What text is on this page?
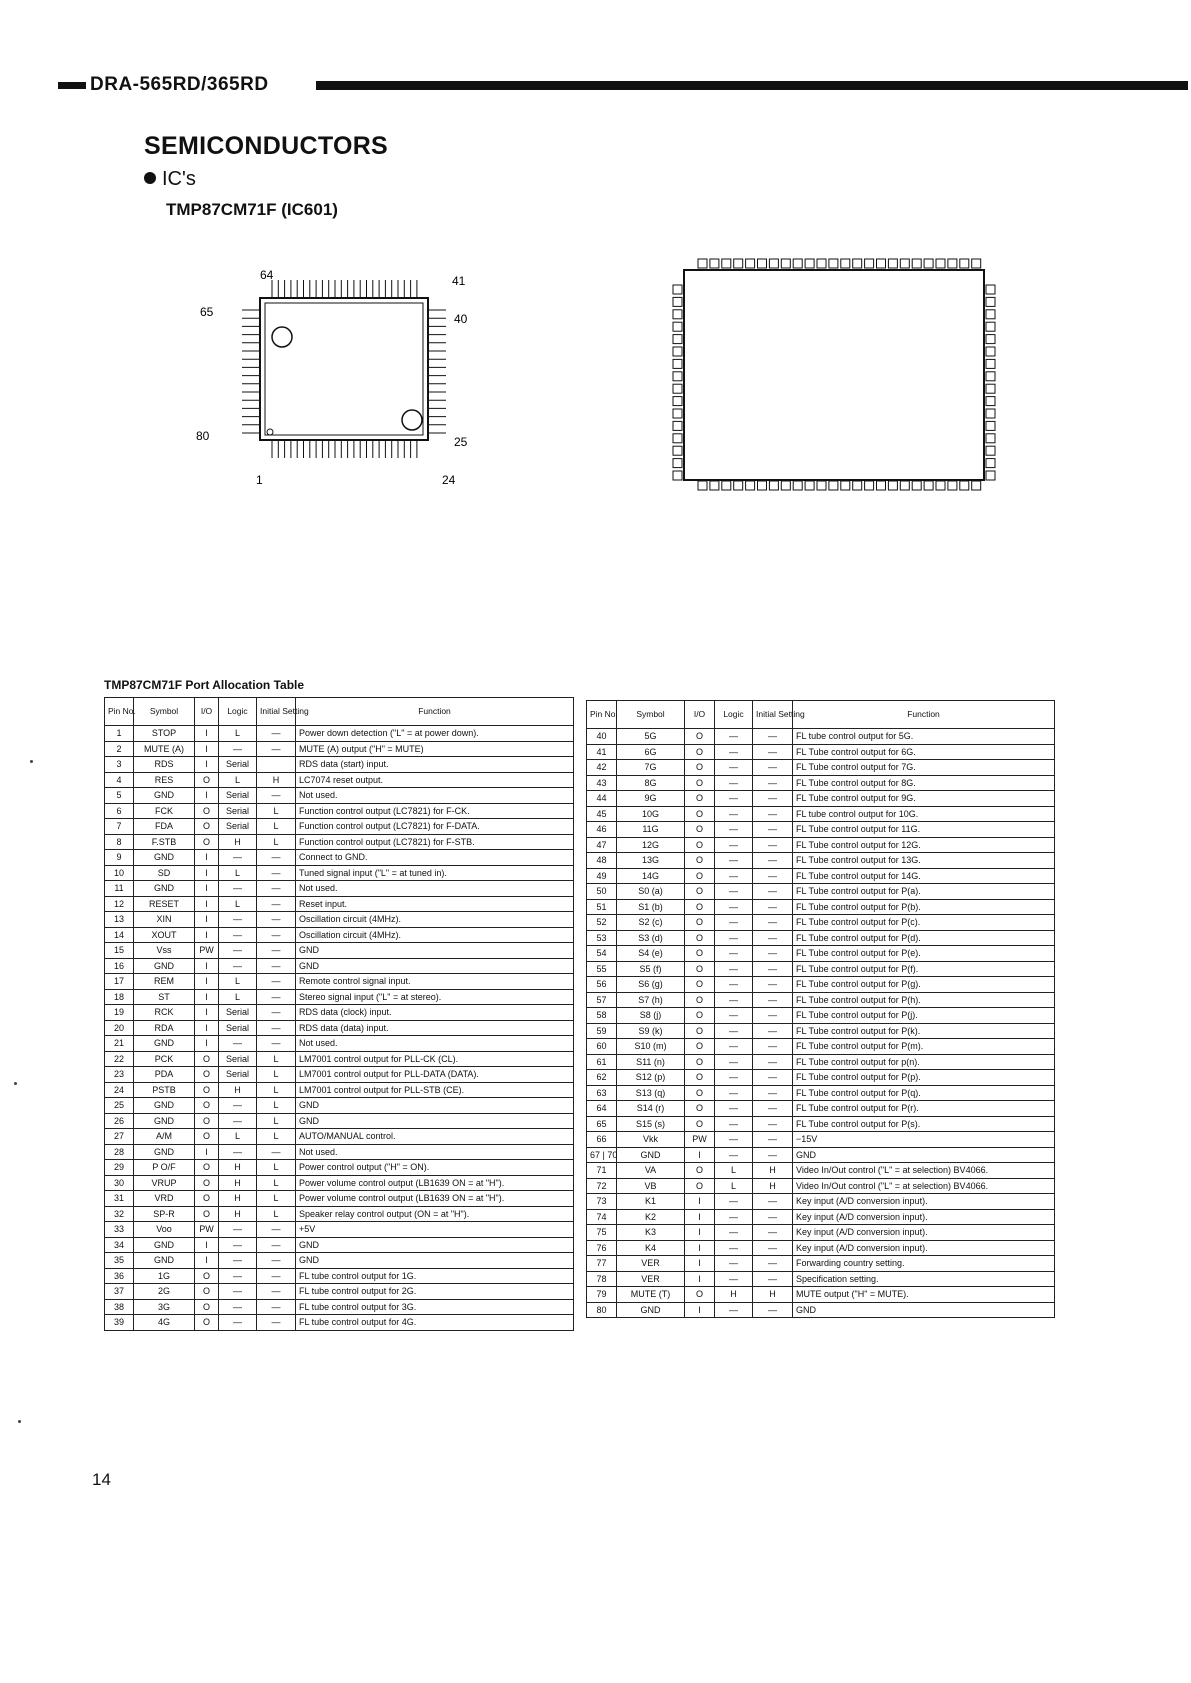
DRA-565RD/365RD
SEMICONDUCTORS
IC's
TMP87CM71F (IC601)
64	41
65	40
80	25
1	24
TMP87CM71F Port Allocation Table
Pin No.	Symbol	I/O	Logic	Initial Setting	Function
1	STOP	I	L	—	Power down detection ("L" = at power down).
2	MUTE (A)	I	—	—	MUTE (A) output ("H" = MUTE)
3	RDS	I	Serial		RDS data (start) input.
4	RES	O	L	H	LC7074 reset output.
5	GND	I	Serial	—	Not used.
6	FCK	O	Serial	L	Function control output (LC7821) for F-CK.
7	FDA	O	Serial	L	Function control output (LC7821) for F-DATA.
8	F.STB	O	H	L	Function control output (LC7821) for F-STB.
9	GND	I	—	—	Connect to GND.
10	SD	I	L	—	Tuned signal input ("L" = at tuned in).
11	GND	I	—	—	Not used.
12	RESET	I	L	—	Reset input.
13	XIN	I	—	—	Oscillation circuit (4MHz).
14	XOUT	I	—	—	Oscillation circuit (4MHz).
15	Vss	PW	—	—	GND
16	GND	I	—	—	GND
17	REM	I	L	—	Remote control signal input.
18	ST	I	L	—	Stereo signal input ("L" = at stereo).
19	RCK	I	Serial	—	RDS data (clock) input.
20	RDA	I	Serial	—	RDS data (data) input.
21	GND	I	—	—	Not used.
22	PCK	O	Serial	L	LM7001 control output for PLL-CK (CL).
23	PDA	O	Serial	L	LM7001 control output for PLL-DATA (DATA).
24	PSTB	O	H	L	LM7001 control output for PLL-STB (CE).
25	GND	O	—	L	GND
26	GND	O	—	L	GND
27	A/M	O	L	L	AUTO/MANUAL control.
28	GND	I	—	—	Not used.
29	P O/F	O	H	L	Power control output ("H" = ON).
30	VRUP	O	H	L	Power volume control output (LB1639 ON = at "H").
31	VRD	O	H	L	Power volume control output (LB1639 ON = at "H").
32	SP-R	O	H	L	Speaker relay control output (ON = at "H").
33	Voo	PW	—	—	+5V
34	GND	I	—	—	GND
35	GND	I	—	—	GND
36	1G	O	—	—	FL tube control output for 1G.
37	2G	O	—	—	FL tube control output for 2G.
38	3G	O	—	—	FL tube control output for 3G.
39	4G	O	—	—	FL tube control output for 4G.
Pin No.	Symbol	I/O	Logic	Initial Setting	Function
40	5G	O	—	—	FL tube control output for 5G.
41	6G	O	—	—	FL Tube control output for 6G.
42	7G	O	—	—	FL Tube control output for 7G.
43	8G	O	—	—	FL Tube control output for 8G.
44	9G	O	—	—	FL Tube control output for 9G.
45	10G	O	—	—	FL tube control output for 10G.
46	11G	O	—	—	FL Tube control output for 11G.
47	12G	O	—	—	FL Tube control output for 12G.
48	13G	O	—	—	FL Tube control output for 13G.
49	14G	O	—	—	FL Tube control output for 14G.
50	S0 (a)	O	—	—	FL Tube control output for P(a).
51	S1 (b)	O	—	—	FL Tube control output for P(b).
52	S2 (c)	O	—	—	FL Tube control output for P(c).
53	S3 (d)	O	—	—	FL Tube control output for P(d).
54	S4 (e)	O	—	—	FL Tube control output for P(e).
55	S5 (f)	O	—	—	FL Tube control output for P(f).
56	S6 (g)	O	—	—	FL Tube control output for P(g).
57	S7 (h)	O	—	—	FL Tube control output for P(h).
58	S8 (j)	O	—	—	FL Tube control output for P(j).
59	S9 (k)	O	—	—	FL Tube control output for P(k).
60	S10 (m)	O	—	—	FL Tube control output for P(m).
61	S11 (n)	O	—	—	FL Tube control output for p(n).
62	S12 (p)	O	—	—	FL Tube control output for P(p).
63	S13 (q)	O	—	—	FL Tube control output for P(q).
64	S14 (r)	O	—	—	FL Tube control output for P(r).
65	S15 (s)	O	—	—	FL Tube control output for P(s).
66	Vkk	PW	—	—	−15V
67 | 70	GND	I	—	—	GND
71	VA	O	L	H	Video In/Out control ("L" = at selection) BV4066.
72	VB	O	L	H	Video In/Out control ("L" = at selection) BV4066.
73	K1	I	—	—	Key input (A/D conversion input).
74	K2	I	—	—	Key input (A/D conversion input).
75	K3	I	—	—	Key input (A/D conversion input).
76	K4	I	—	—	Key input (A/D conversion input).
77	VER	I	—	—	Forwarding country setting.
78	VER	I	—	—	Specification setting.
79	MUTE (T)	O	H	H	MUTE output ("H" = MUTE).
80	GND	I	—	—	GND
14
